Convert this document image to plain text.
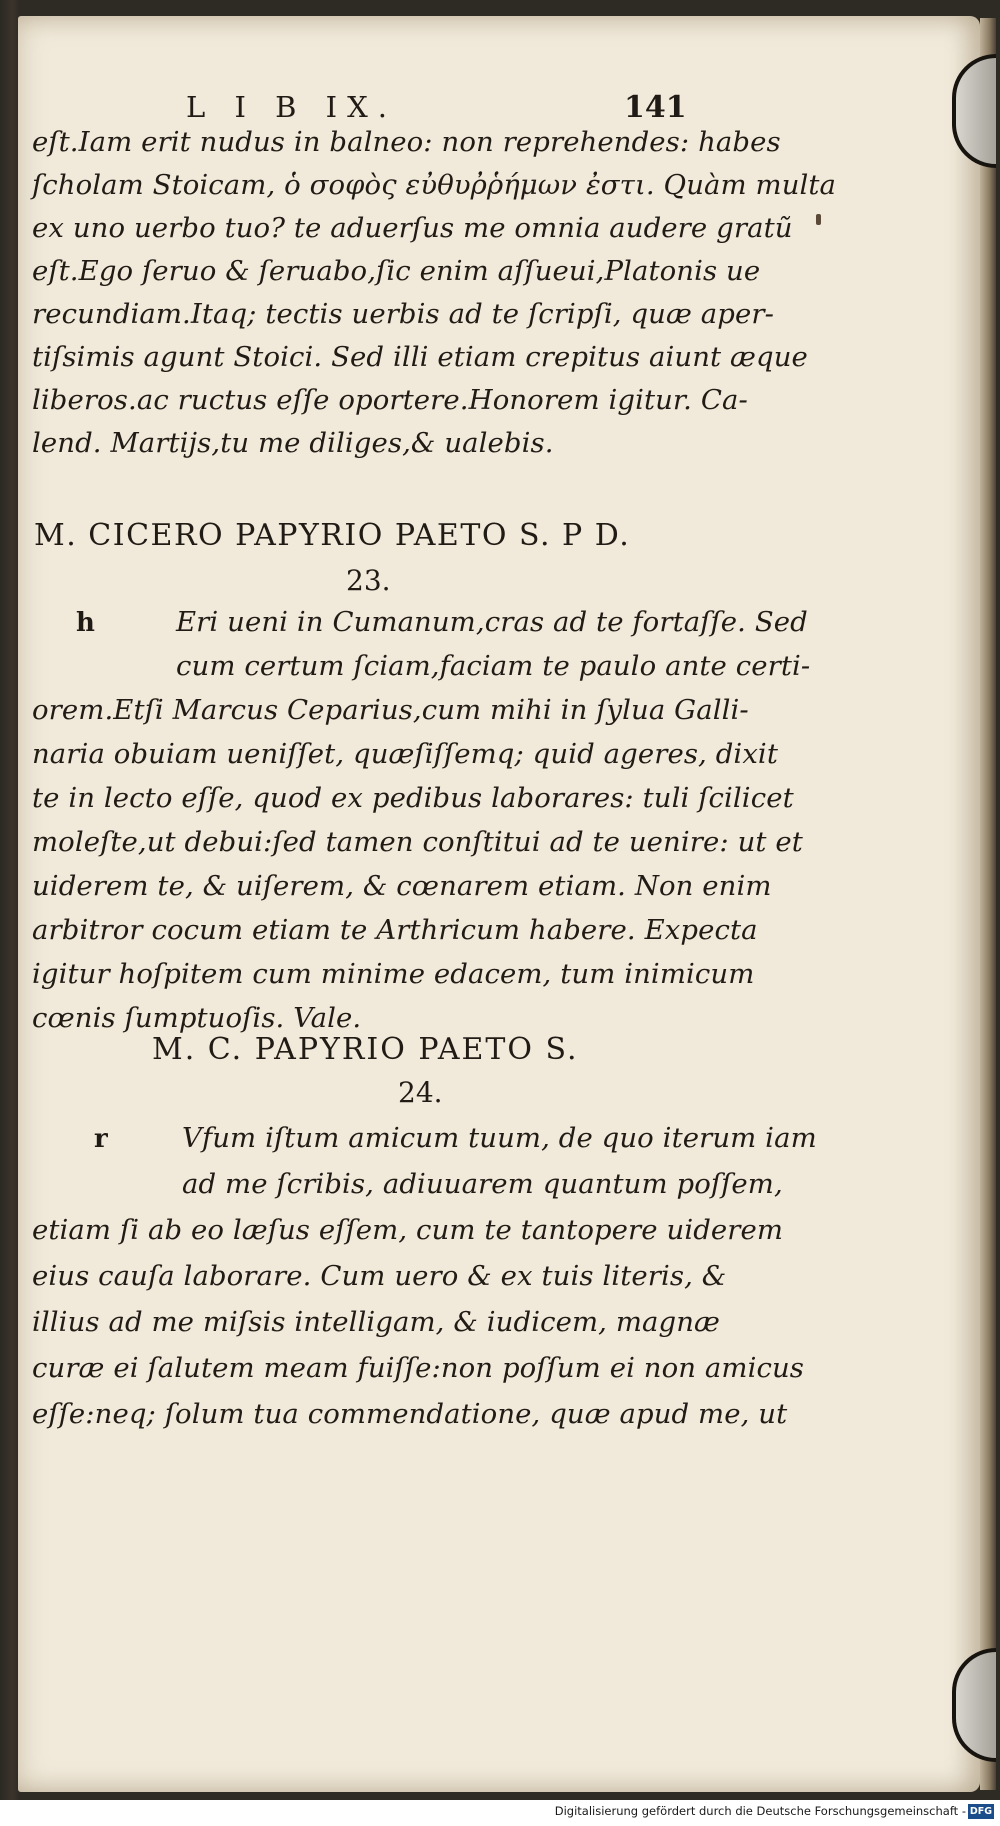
L I B IX.	141
eſt.Iam erit nudus in balneo: non reprehendes: habes
ſcholam Stoicam, ὁ σοφὸς εὐθυῤῥήμων ἐστι. Quàm multa
ex uno uerbo tuo? te aduerſus me omnia audere gratũ
eſt.Ego ſeruo & ſeruabo,ſic enim aſſueui,Platonis ue
recundiam.Itaq; tectis uerbis ad te ſcripſi, quæ aper-
tiſsimis agunt Stoici. Sed illi etiam crepitus aiunt æque
liberos.ac ructus eſſe oportere.Honorem igitur. Ca-
lend. Martijs,tu me diliges,& ualebis.
M. CICERO PAPYRIO PAETO S. P D.
23.
h	Eri ueni in Cumanum,cras ad te fortaſſe. Sed
cum certum ſciam,faciam te paulo ante certi-
orem.Etſi Marcus Ceparius,cum mihi in ſylua Galli-
naria obuiam ueniſſet, quæſiſſemq; quid ageres, dixit
te in lecto eſſe, quod ex pedibus laborares: tuli ſcilicet
moleſte,ut debui:ſed tamen conſtitui ad te uenire: ut et
uiderem te, & uiſerem, & cœnarem etiam. Non enim
arbitror cocum etiam te Arthricum habere. Expecta
igitur hoſpitem cum minime edacem, tum inimicum
cœnis ſumptuoſis. Vale.
M. C. PAPYRIO PAETO S.
24.
r	Vfum iſtum amicum tuum, de quo iterum iam
ad me ſcribis, adiuuarem quantum poſſem,
etiam ſi ab eo læſus eſſem, cum te tantopere uiderem
eius cauſa laborare. Cum uero & ex tuis literis, &
illius ad me miſsis intelligam, & iudicem, magnæ
curæ ei ſalutem meam fuiſſe:non poſſum ei non amicus
eſſe:neq; ſolum tua commendatione, quæ apud me, ut
Digitalisierung gefördert durch die Deutsche Forschungsgemeinschaft - DFG
